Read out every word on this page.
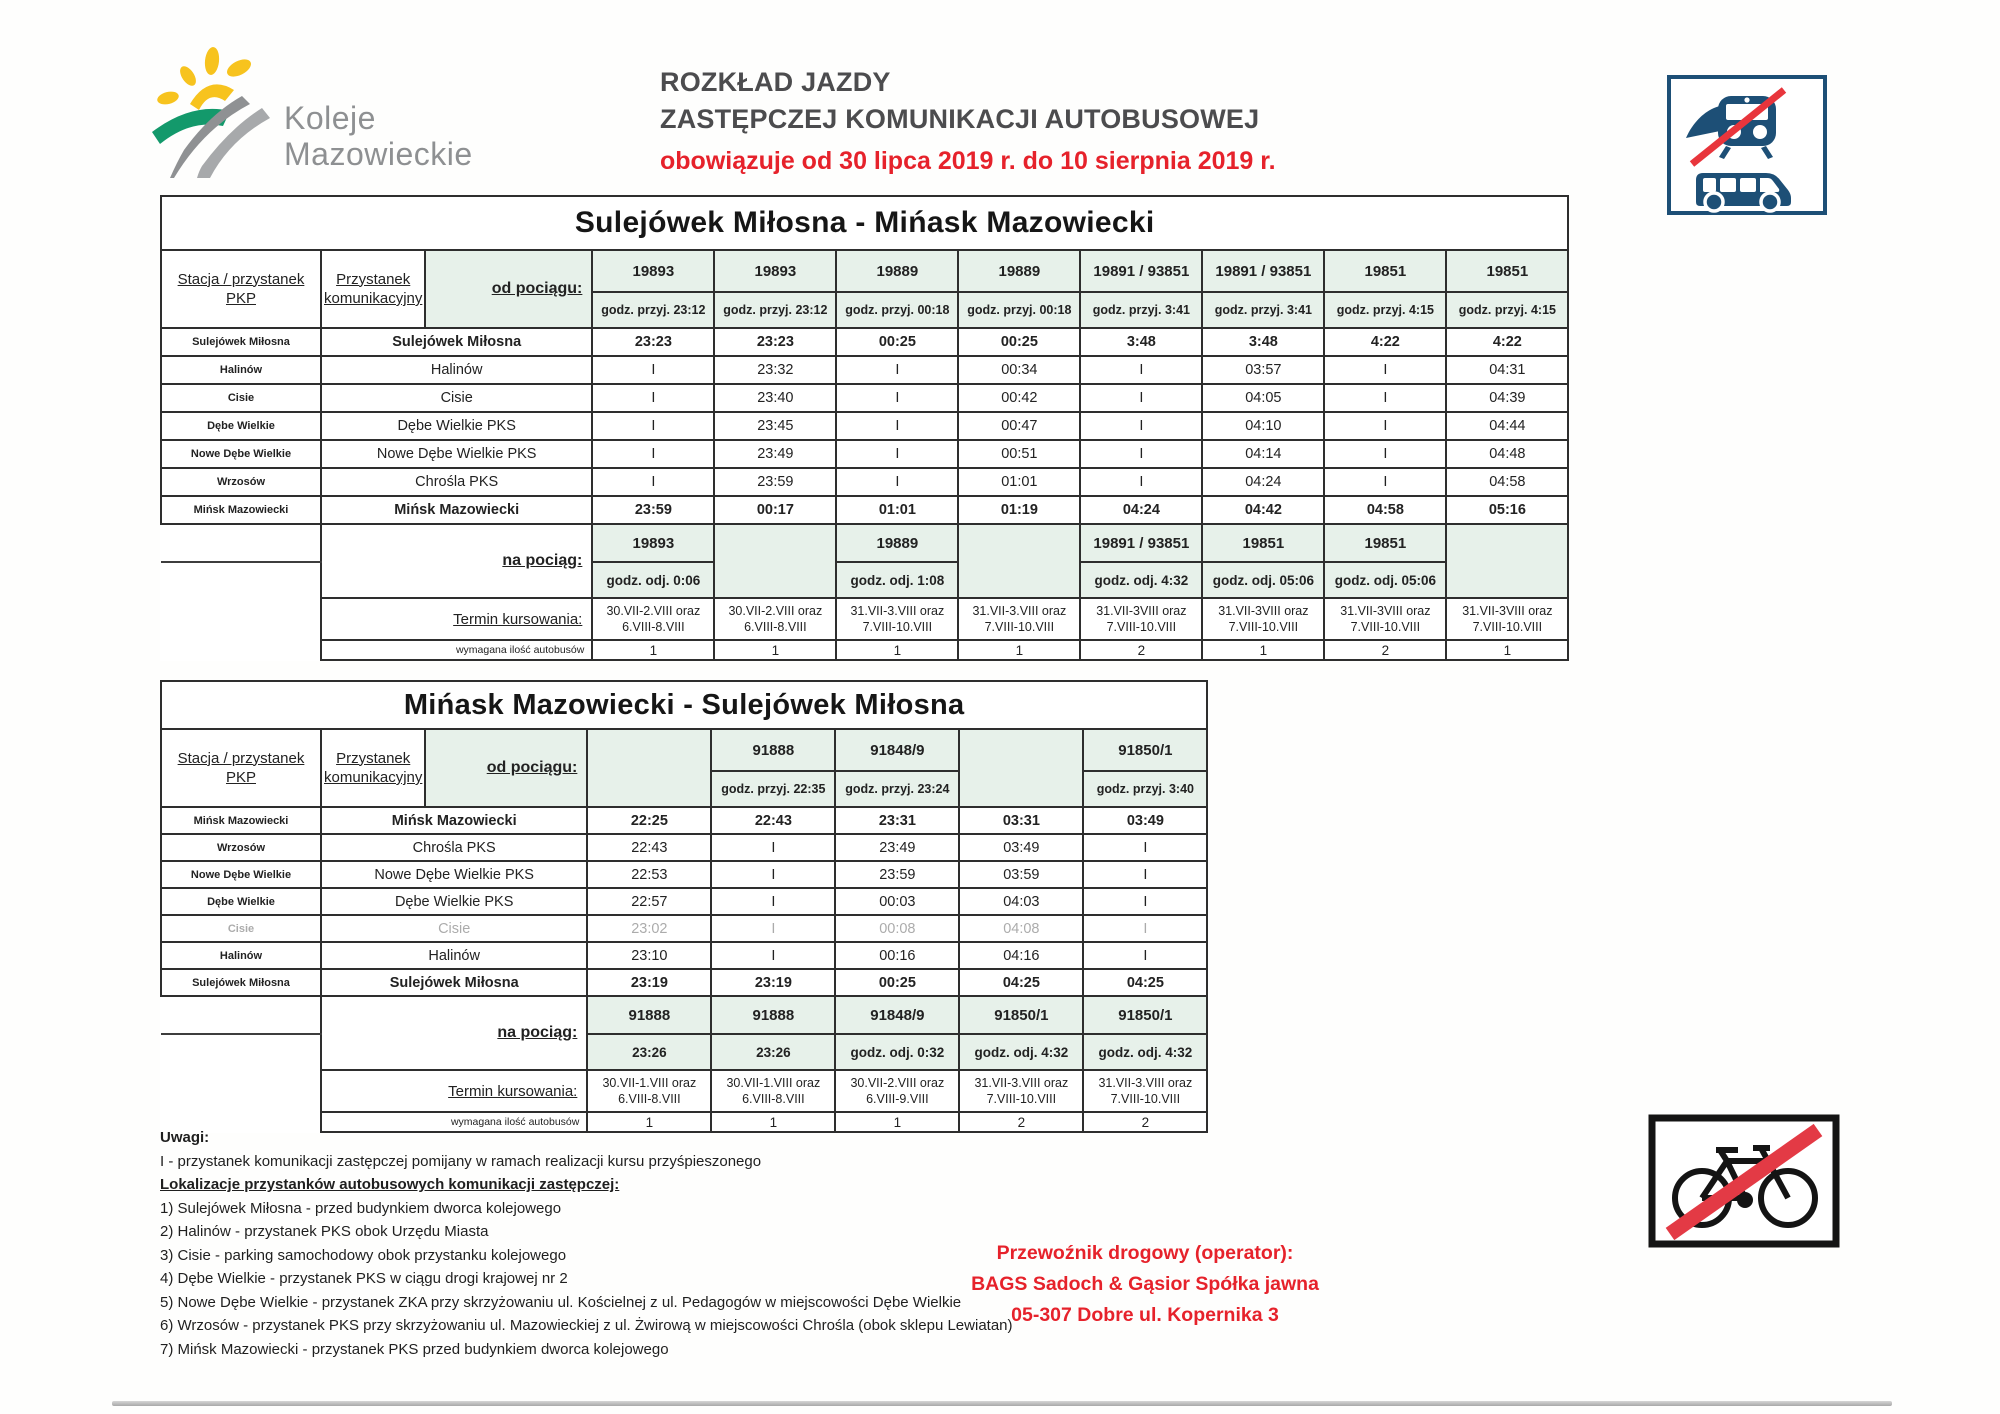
Koleje
Mazowieckie
ROZKŁAD JAZDY
ZASTĘPCZEJ KOMUNIKACJI AUTOBUSOWEJ
obowiązuje od 30 lipca 2019 r. do 10 sierpnia 2019 r.
Sulejówek Miłosna - Mińask Mazowiecki										
Stacja / przystanek PKP	Przystanek komunikacyjny	od pociągu:	19893	19893	19889	19889	19891 / 93851	19891 / 93851	19851	19851
			godz. przyj. 23:12	godz. przyj. 23:12	godz. przyj. 00:18	godz. przyj. 00:18	godz. przyj. 3:41	godz. przyj. 3:41	godz. przyj. 4:15	godz. przyj. 4:15
Sulejówek Miłosna	Sulejówek Miłosna		23:23	23:23	00:25	00:25	3:48	3:48	4:22	4:22
Halinów	Halinów		I	23:32	I	00:34	I	03:57	I	04:31
Cisie	Cisie		I	23:40	I	00:42	I	04:05	I	04:39
Dębe Wielkie	Dębe Wielkie PKS		I	23:45	I	00:47	I	04:10	I	04:44
Nowe Dębe Wielkie	Nowe Dębe Wielkie PKS		I	23:49	I	00:51	I	04:14	I	04:48
Wrzosów	Chrośla PKS		I	23:59	I	01:01	I	04:24	I	04:58
Mińsk Mazowiecki	Mińsk Mazowiecki		23:59	00:17	01:01	01:19	04:24	04:42	04:58	05:16
	na pociąg:		19893		19889		19891 / 93851	19851	19851	
			godz. odj. 0:06		godz. odj. 1:08		godz. odj. 4:32	godz. odj. 05:06	godz. odj. 05:06	
	Termin kursowania:		30.VII-2.VIII oraz 6.VIII-8.VIII	30.VII-2.VIII oraz 6.VIII-8.VIII	31.VII-3.VIII oraz 7.VIII-10.VIII	31.VII-3.VIII oraz 7.VIII-10.VIII	31.VII-3VIII oraz 7.VIII-10.VIII	31.VII-3VIII oraz 7.VIII-10.VIII	31.VII-3VIII oraz 7.VIII-10.VIII	31.VII-3VIII oraz 7.VIII-10.VIII
	wymagana ilość autobusów		1	1	1	1	2	1	2	1
Mińask Mazowiecki - Sulejówek Miłosna							
Stacja / przystanek PKP	Przystanek komunikacyjny	od pociągu:		91888	91848/9		91850/1
				godz. przyj. 22:35	godz. przyj. 23:24		godz. przyj. 3:40
Mińsk Mazowiecki	Mińsk Mazowiecki		22:25	22:43	23:31	03:31	03:49
Wrzosów	Chrośla PKS		22:43	I	23:49	03:49	I
Nowe Dębe Wielkie	Nowe Dębe Wielkie PKS		22:53	I	23:59	03:59	I
Dębe Wielkie	Dębe Wielkie PKS		22:57	I	00:03	04:03	I
Cisie	Cisie		23:02	I	00:08	04:08	I
Halinów	Halinów		23:10	I	00:16	04:16	I
Sulejówek Miłosna	Sulejówek Miłosna		23:19	23:19	00:25	04:25	04:25
	na pociąg:		91888	91888	91848/9	91850/1	91850/1
			23:26	23:26	godz. odj. 0:32	godz. odj. 4:32	godz. odj. 4:32
	Termin kursowania:		30.VII-1.VIII oraz 6.VIII-8.VIII	30.VII-1.VIII oraz 6.VIII-8.VIII	30.VII-2.VIII oraz 6.VIII-9.VIII	31.VII-3.VIII oraz 7.VIII-10.VIII	31.VII-3.VIII oraz 7.VIII-10.VIII
	wymagana ilość autobusów		1	1	1	2	2
Uwagi:
I - przystanek komunikacji zastępczej pomijany w ramach realizacji kursu przyśpieszonego
Lokalizacje przystanków autobusowych komunikacji zastępczej:
1) Sulejówek Miłosna - przed budynkiem dworca kolejowego
2) Halinów - przystanek PKS obok Urzędu Miasta
3) Cisie - parking samochodowy obok przystanku kolejowego
4) Dębe Wielkie - przystanek PKS w ciągu drogi krajowej nr 2
5) Nowe Dębe Wielkie - przystanek ZKA przy skrzyżowaniu ul. Kościelnej z ul. Pedagogów w miejscowości Dębe Wielkie
6) Wrzosów - przystanek PKS przy skrzyżowaniu ul. Mazowieckiej z ul. Żwirową w miejscowości Chrośla (obok sklepu Lewiatan)
7) Mińsk Mazowiecki - przystanek PKS przed budynkiem dworca kolejowego
Przewoźnik drogowy (operator):
BAGS Sadoch & Gąsior Spółka jawna
05-307 Dobre ul. Kopernika 3
